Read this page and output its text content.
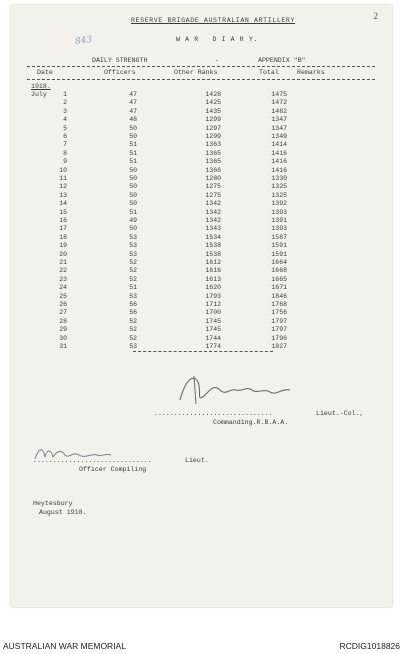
2
843
RESERVE BRIGADE AUSTRALIAN ARTILLERY
W A R   D I A R Y.
DAILY STRENGTH	-	APPENDIX "B"
Date	Officers	Other Ranks	Total	Remarks
1918.
July	1	47	1428	1475
2	47	1425	1472
3	47	1435	1482
4	48	1299	1347
5	50	1297	1347
6	50	1299	1349
7	51	1363	1414
8	51	1365	1416
9	51	1365	1416
10	50	1366	1416
11	50	1280	1330
12	50	1275	1325
13	50	1275	1325
14	50	1342	1392
15	51	1342	1393
16	49	1342	1391
17	50	1343	1393
18	53	1534	1587
19	53	1538	1591
20	53	1538	1591
21	52	1612	1664
22	52	1616	1668
23	52	1613	1665
24	51	1620	1671
25	53	1793	1846
26	56	1712	1768
27	56	1700	1756
28	52	1745	1797
29	52	1745	1797
30	52	1744	1796
31	53	1774	1827
..............................	Lieut.-Col.,
Commanding.R.B.A.A.
..............................	Lieut.
Officer Compiling
Heytesbury
August 1918.
AUSTRALIAN WAR MEMORIAL	RCDIG1018826
